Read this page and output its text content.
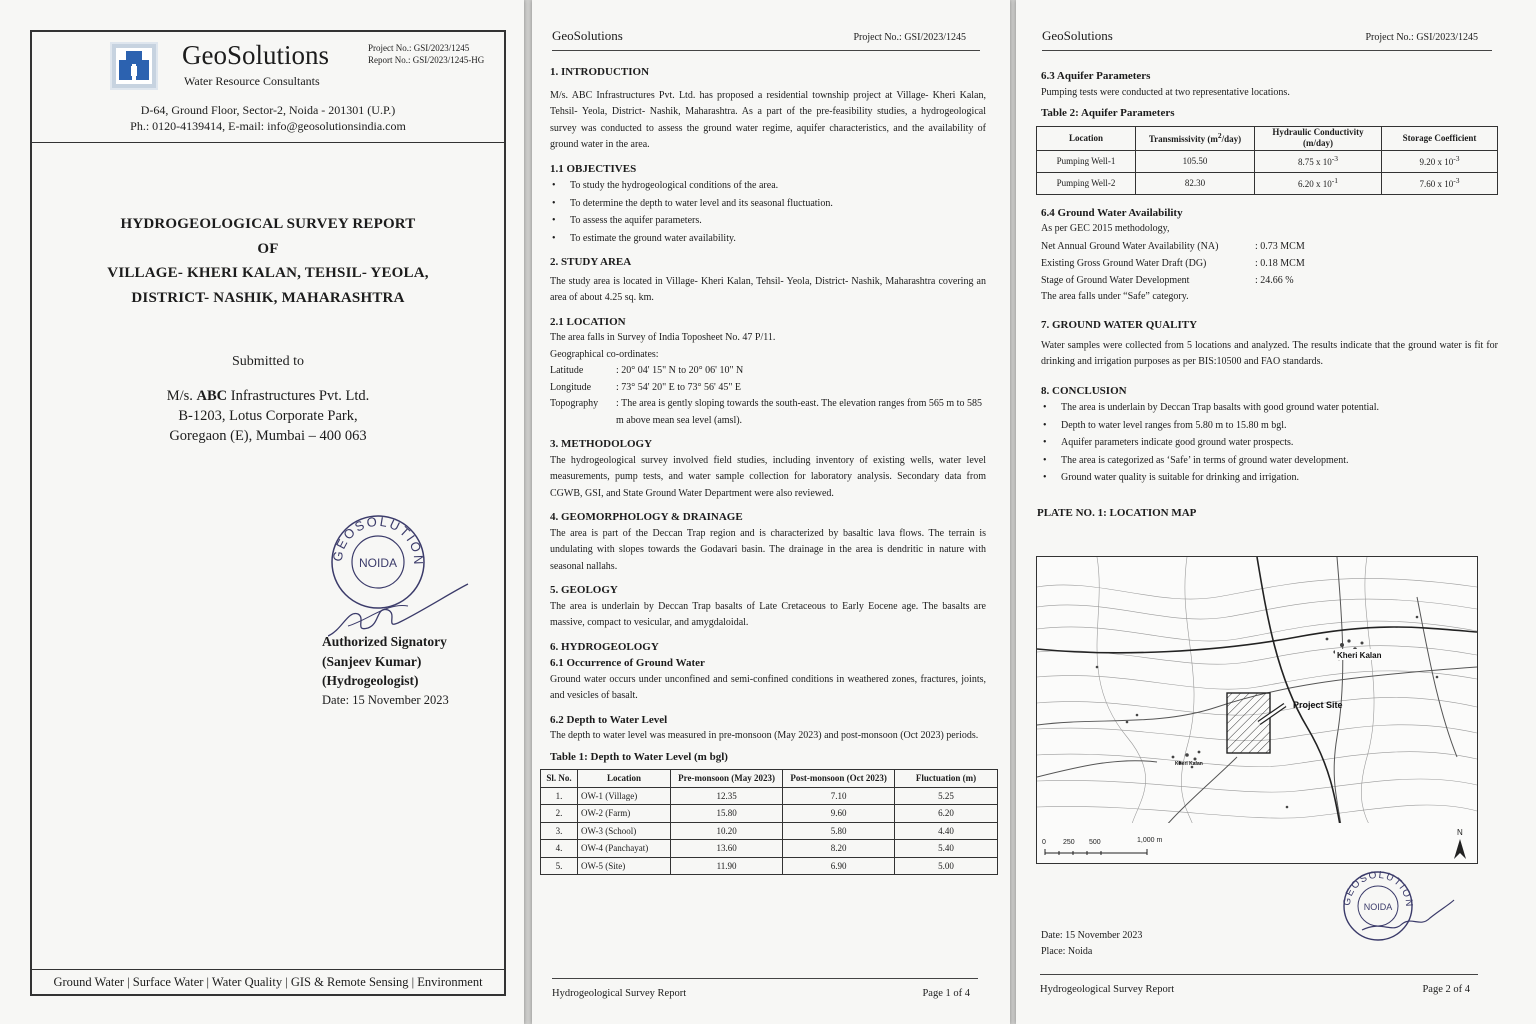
GeoSolutions
Water Resource Consultants
Project No.: GSI/2023/1245
Report No.: GSI/2023/1245-HG
D-64, Ground Floor, Sector-2, Noida - 201301 (U.P.)
Ph.: 0120-4139414, E-mail: info@geosolutionsindia.com
HYDROGEOLOGICAL SURVEY REPORT
OF
VILLAGE- KHERI KALAN, TEHSIL- YEOLA,
DISTRICT- NASHIK, MAHARASHTRA
Submitted to
M/s. ABC Infrastructures Pvt. Ltd.
B-1203, Lotus Corporate Park,
Goregaon (E), Mumbai – 400 063
GEOSOLUTION
NOIDA
Authorized Signatory
(Sanjeev Kumar)
(Hydrogeologist)
Date: 15 November 2023
Ground Water | Surface Water | Water Quality | GIS & Remote Sensing | Environment
GeoSolutions	Project No.: GSI/2023/1245

1. INTRODUCTION

M/s. ABC Infrastructures Pvt. Ltd. has proposed a residential township project at Village- Kheri Kalan, Tehsil- Yeola, District- Nashik, Maharashtra. As a part of the pre-feasibility studies, a hydrogeological survey was conducted to assess the ground water regime, aquifer characteristics, and the availability of ground water in the area.

1.1 OBJECTIVES

• To study the hydrogeological conditions of the area.
• To determine the depth to water level and its seasonal fluctuation.
• To assess the aquifer parameters.
• To estimate the ground water availability.

2. STUDY AREA

The study area is located in Village- Kheri Kalan, Tehsil- Yeola, District- Nashik, Maharashtra covering an area of about 4.25 sq. km.

2.1 LOCATION

The area falls in Survey of India Toposheet No. 47 P/11.

Geographical co-ordinates:

Latitude	: 20° 04' 15" N to 20° 06' 10" N
Longitude	: 73° 54' 20" E to 73° 56' 45" E
Topography	: The area is gently sloping towards the south-east. The elevation ranges from 565 m to 585 m above mean sea level (amsl).

3. METHODOLOGY

The hydrogeological survey involved field studies, including inventory of existing wells, water level measurements, pump tests, and water sample collection for laboratory analysis. Secondary data from CGWB, GSI, and State Ground Water Department were also reviewed.

4. GEOMORPHOLOGY & DRAINAGE

The area is part of the Deccan Trap region and is characterized by basaltic lava flows. The terrain is undulating with slopes towards the Godavari basin. The drainage in the area is dendritic in nature with seasonal nallahs.

5. GEOLOGY

The area is underlain by Deccan Trap basalts of Late Cretaceous to Early Eocene age. The basalts are massive, compact to vesicular, and amygdaloidal.

6. HYDROGEOLOGY

6.1 Occurrence of Ground Water

Ground water occurs under unconfined and semi-confined conditions in weathered zones, fractures, joints, and vesicles of basalt.

6.2 Depth to Water Level

The depth to water level was measured in pre-monsoon (May 2023) and post-monsoon (Oct 2023) periods.

Table 1: Depth to Water Level (m bgl)

Sl. No.	Location	Pre-monsoon (May 2023)	Post-monsoon (Oct 2023)	Fluctuation (m)
1.	OW-1 (Village)	12.35	7.10	5.25
2.	OW-2 (Farm)	15.80	9.60	6.20
3.	OW-3 (School)	10.20	5.80	4.40
4.	OW-4 (Panchayat)	13.60	8.20	5.40
5.	OW-5 (Site)	11.90	6.90	5.00
Hydrogeological Survey Report	Page 1 of 4
GeoSolutions	Project No.: GSI/2023/1245

6.3 Aquifer Parameters

Pumping tests were conducted at two representative locations.

Table 2: Aquifer Parameters

Location	Transmissivity $(m^2/day)$	Hydraulic Conductivity (m/day)	Storage Coefficient
Pumping Well-1	105.50	8.75 x $10^{-3}$	9.20 x $10^{-3}$
Pumping Well-2	82.30	6.20 x $10^{-1}$	7.60 x $10^{-3}$

6.4 Ground Water Availability

As per GEC 2015 methodology,

Net Annual Ground Water Availability (NA)	: 0.73 MCM
Existing Gross Ground Water Draft (DG)	: 0.18 MCM
Stage of Ground Water Development	: 24.66 %

The area falls under “Safe” category.

7. GROUND WATER QUALITY

Water samples were collected from 5 locations and analyzed. The results indicate that the ground water is fit for drinking and irrigation purposes as per BIS:10500 and FAO standards.

8. CONCLUSION

• The area is underlain by Deccan Trap basalts with good ground water potential.
• Depth to water level ranges from 5.80 m to 15.80 m bgl.
• Aquifer parameters indicate good ground water prospects.
• The area is categorized as ‘Safe’ in terms of ground water development.
• Ground water quality is suitable for drinking and irrigation.

PLATE NO. 1: LOCATION MAP

Project Site
Kheri Kalan
Kheri Kalan
0 250 500	1,000 m
N
GEOSOLUTION
NOIDA
Date: 15 November 2023
Place: Noida
Hydrogeological Survey Report	Page 2 of 4
